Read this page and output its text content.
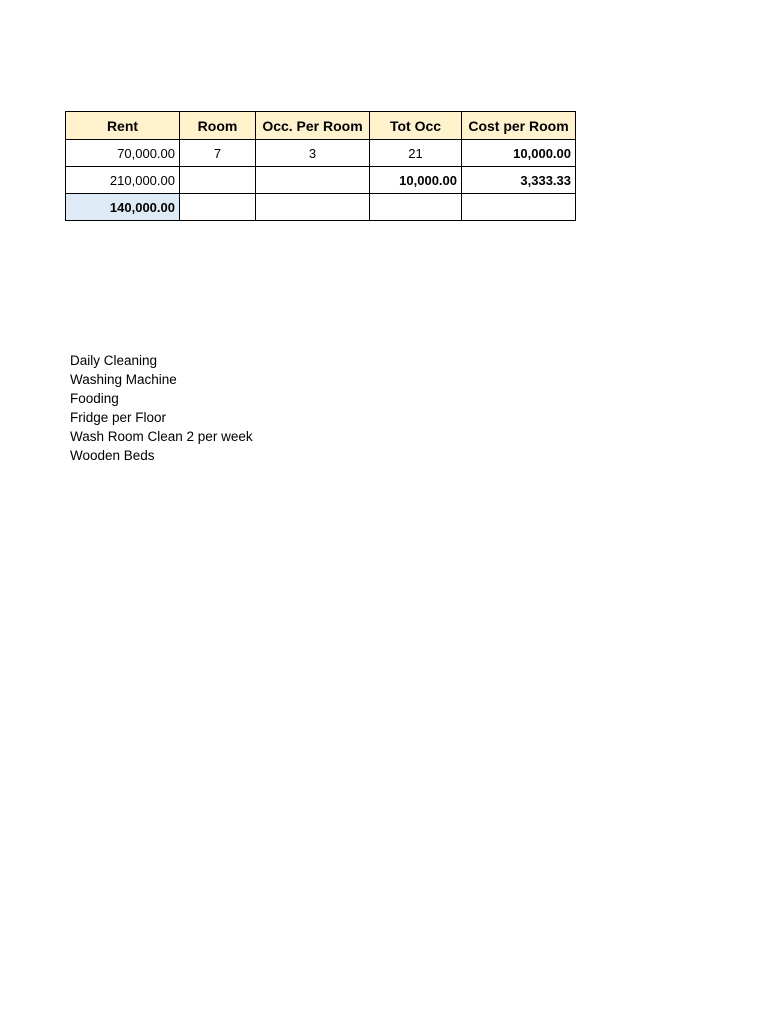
Rent	Room	Occ. Per Room	Tot Occ	Cost per Room
70,000.00	7	3	21	10,000.00
210,000.00			10,000.00	3,333.33
140,000.00				
Daily Cleaning
Washing Machine
Fooding
Fridge per Floor
Wash Room Clean 2 per week
Wooden Beds
